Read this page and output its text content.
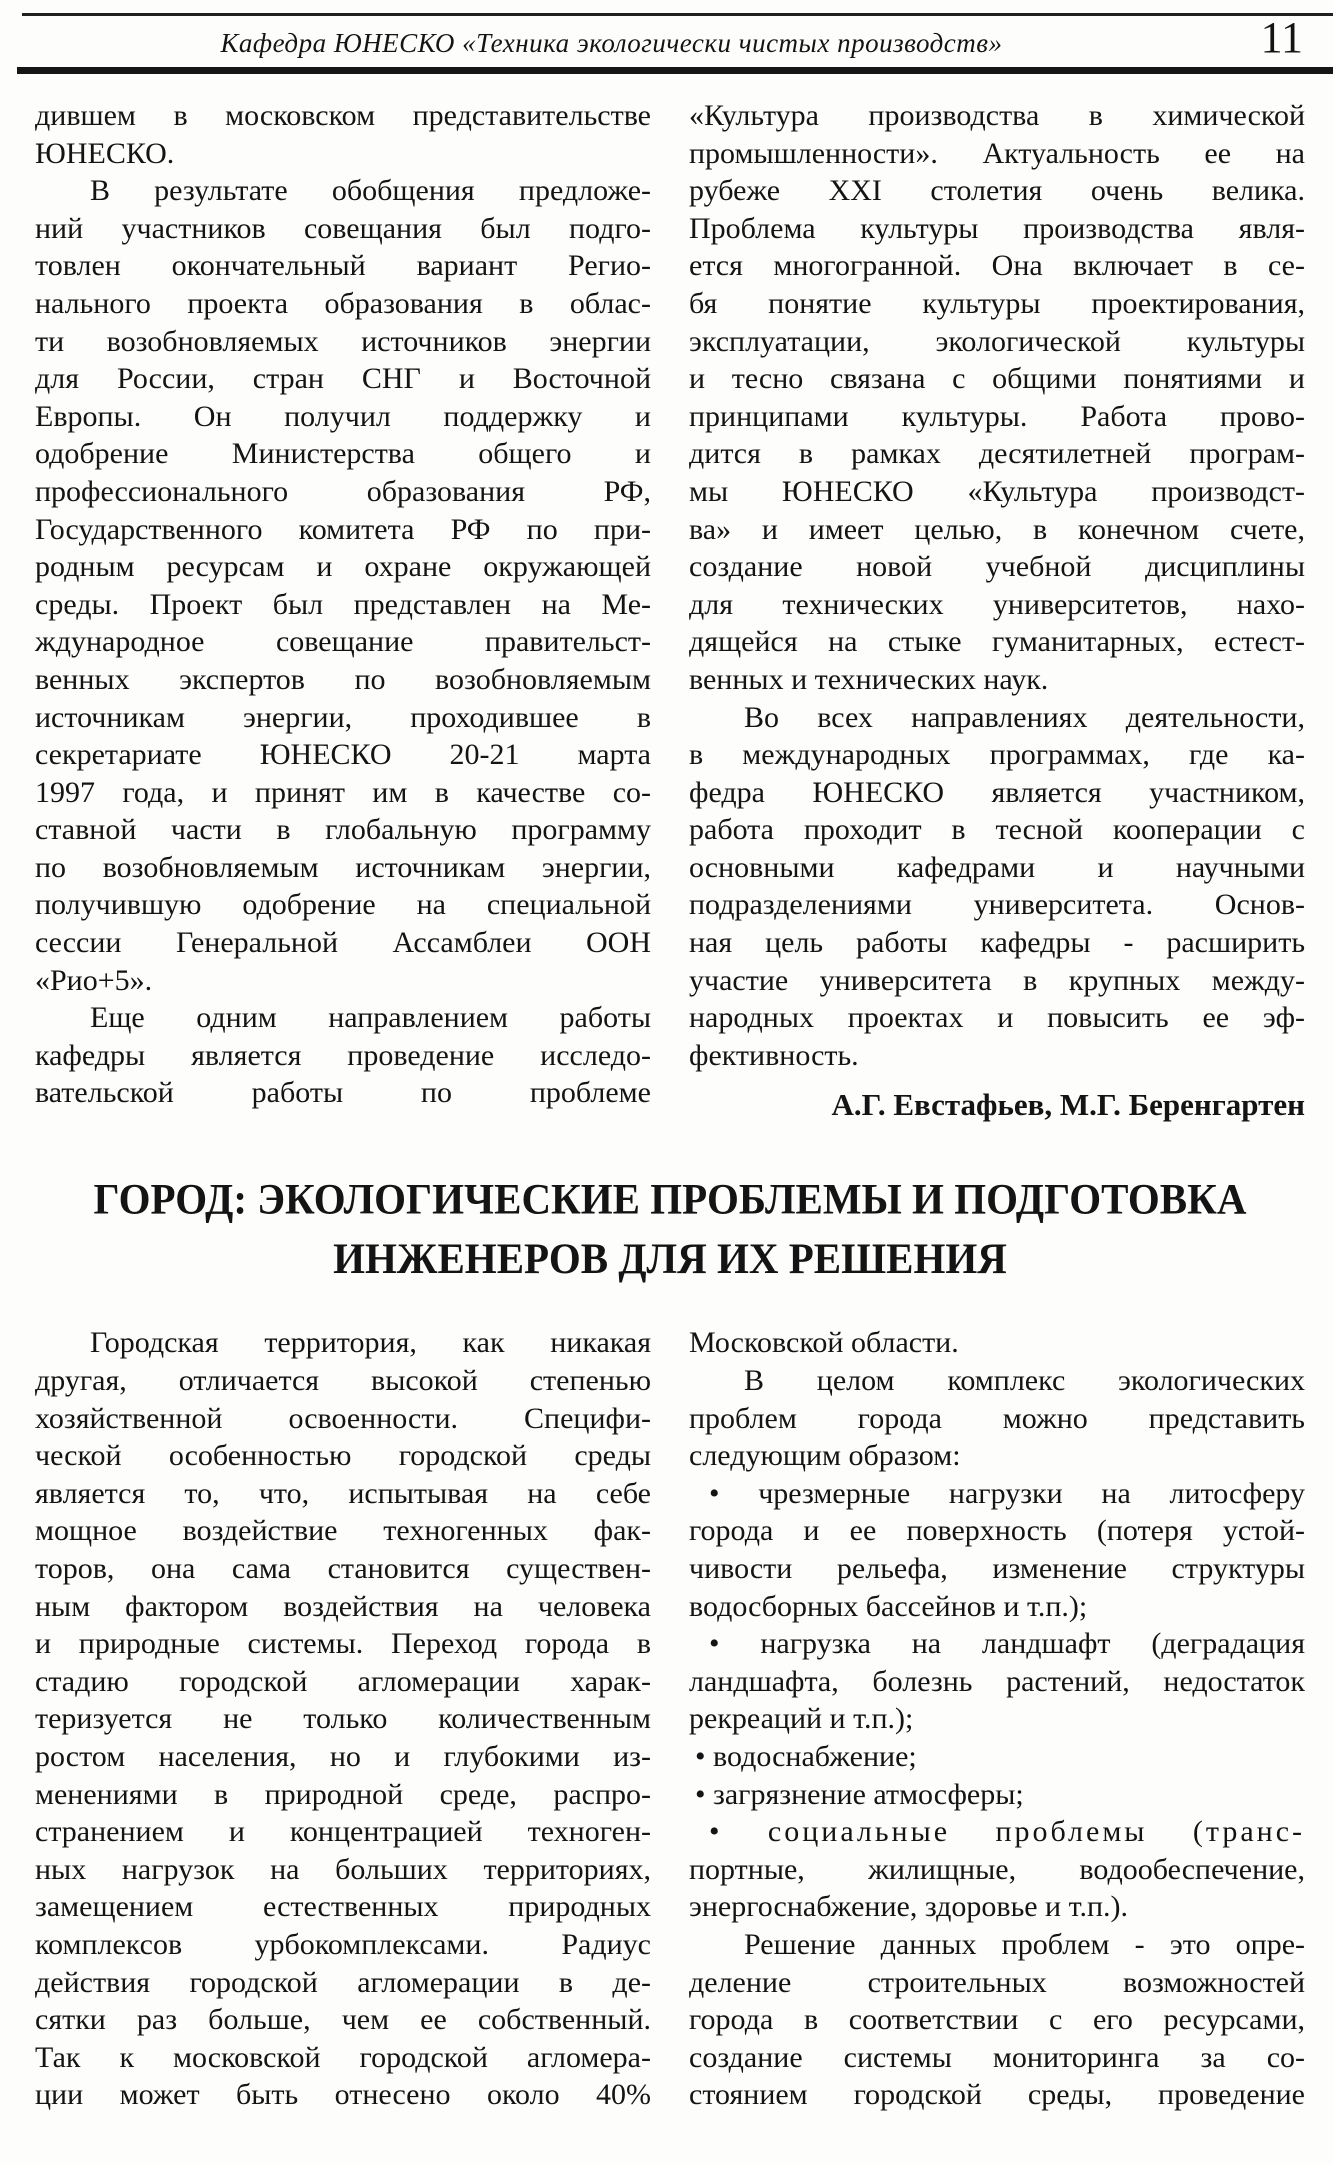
Кафедра ЮНЕСКО «Техника экологически чистых производств»	11
дившем в московском представительстве
ЮНЕСКО.
В результате обобщения предложе-
ний участников совещания был подго-
товлен окончательный вариант Регио-
нального проекта образования в облас-
ти возобновляемых источников энергии
для России, стран СНГ и Восточной
Европы. Он получил поддержку и
одобрение Министерства общего и
профессионального образования РФ,
Государственного комитета РФ по при-
родным ресурсам и охране окружающей
среды. Проект был представлен на Ме-
ждународное совещание правительст-
венных экспертов по возобновляемым
источникам энергии, проходившее в
секретариате ЮНЕСКО 20-21 марта
1997 года, и принят им в качестве со-
ставной части в глобальную программу
по возобновляемым источникам энергии,
получившую одобрение на специальной
сессии Генеральной Ассамблеи ООН
«Рио+5».
Еще одним направлением работы
кафедры является проведение исследо-
вательской работы по проблеме
«Культура производства в химической
промышленности». Актуальность ее на
рубеже XXI столетия очень велика.
Проблема культуры производства явля-
ется многогранной. Она включает в се-
бя понятие культуры проектирования,
эксплуатации, экологической культуры
и тесно связана с общими понятиями и
принципами культуры. Работа прово-
дится в рамках десятилетней програм-
мы ЮНЕСКО «Культура производст-
ва» и имеет целью, в конечном счете,
создание новой учебной дисциплины
для технических университетов, нахо-
дящейся на стыке гуманитарных, естест-
венных и технических наук.
Во всех направлениях деятельности,
в международных программах, где ка-
федра ЮНЕСКО является участником,
работа проходит в тесной кооперации с
основными кафедрами и научными
подразделениями университета. Основ-
ная цель работы кафедры - расширить
участие университета в крупных между-
народных проектах и повысить ее эф-
фективность.
А.Г. Евстафьев, М.Г. Беренгартен
ГОРОД: ЭКОЛОГИЧЕСКИЕ ПРОБЛЕМЫ И ПОДГОТОВКА
ИНЖЕНЕРОВ ДЛЯ ИХ РЕШЕНИЯ
Городская территория, как никакая
другая, отличается высокой степенью
хозяйственной освоенности. Специфи-
ческой особенностью городской среды
является то, что, испытывая на себе
мощное воздействие техногенных фак-
торов, она сама становится существен-
ным фактором воздействия на человека
и природные системы. Переход города в
стадию городской агломерации харак-
теризуется не только количественным
ростом населения, но и глубокими из-
менениями в природной среде, распро-
странением и концентрацией техноген-
ных нагрузок на больших территориях,
замещением естественных природных
комплексов урбокомплексами. Радиус
действия городской агломерации в де-
сятки раз больше, чем ее собственный.
Так к московской городской агломера-
ции может быть отнесено около 40%
Московской области.
В целом комплекс экологических
проблем города можно представить
следующим образом:
• чрезмерные нагрузки на литосферу
города и ее поверхность (потеря устой-
чивости рельефа, изменение структуры
водосборных бассейнов и т.п.);
• нагрузка на ландшафт (деградация
ландшафта, болезнь растений, недостаток
рекреаций и т.п.);
• водоснабжение;
• загрязнение атмосферы;
• социальные проблемы (транс-
портные, жилищные, водообеспечение,
энергоснабжение, здоровье и т.п.).
Решение данных проблем - это опре-
деление строительных возможностей
города в соответствии с его ресурсами,
создание системы мониторинга за со-
стоянием городской среды, проведение
